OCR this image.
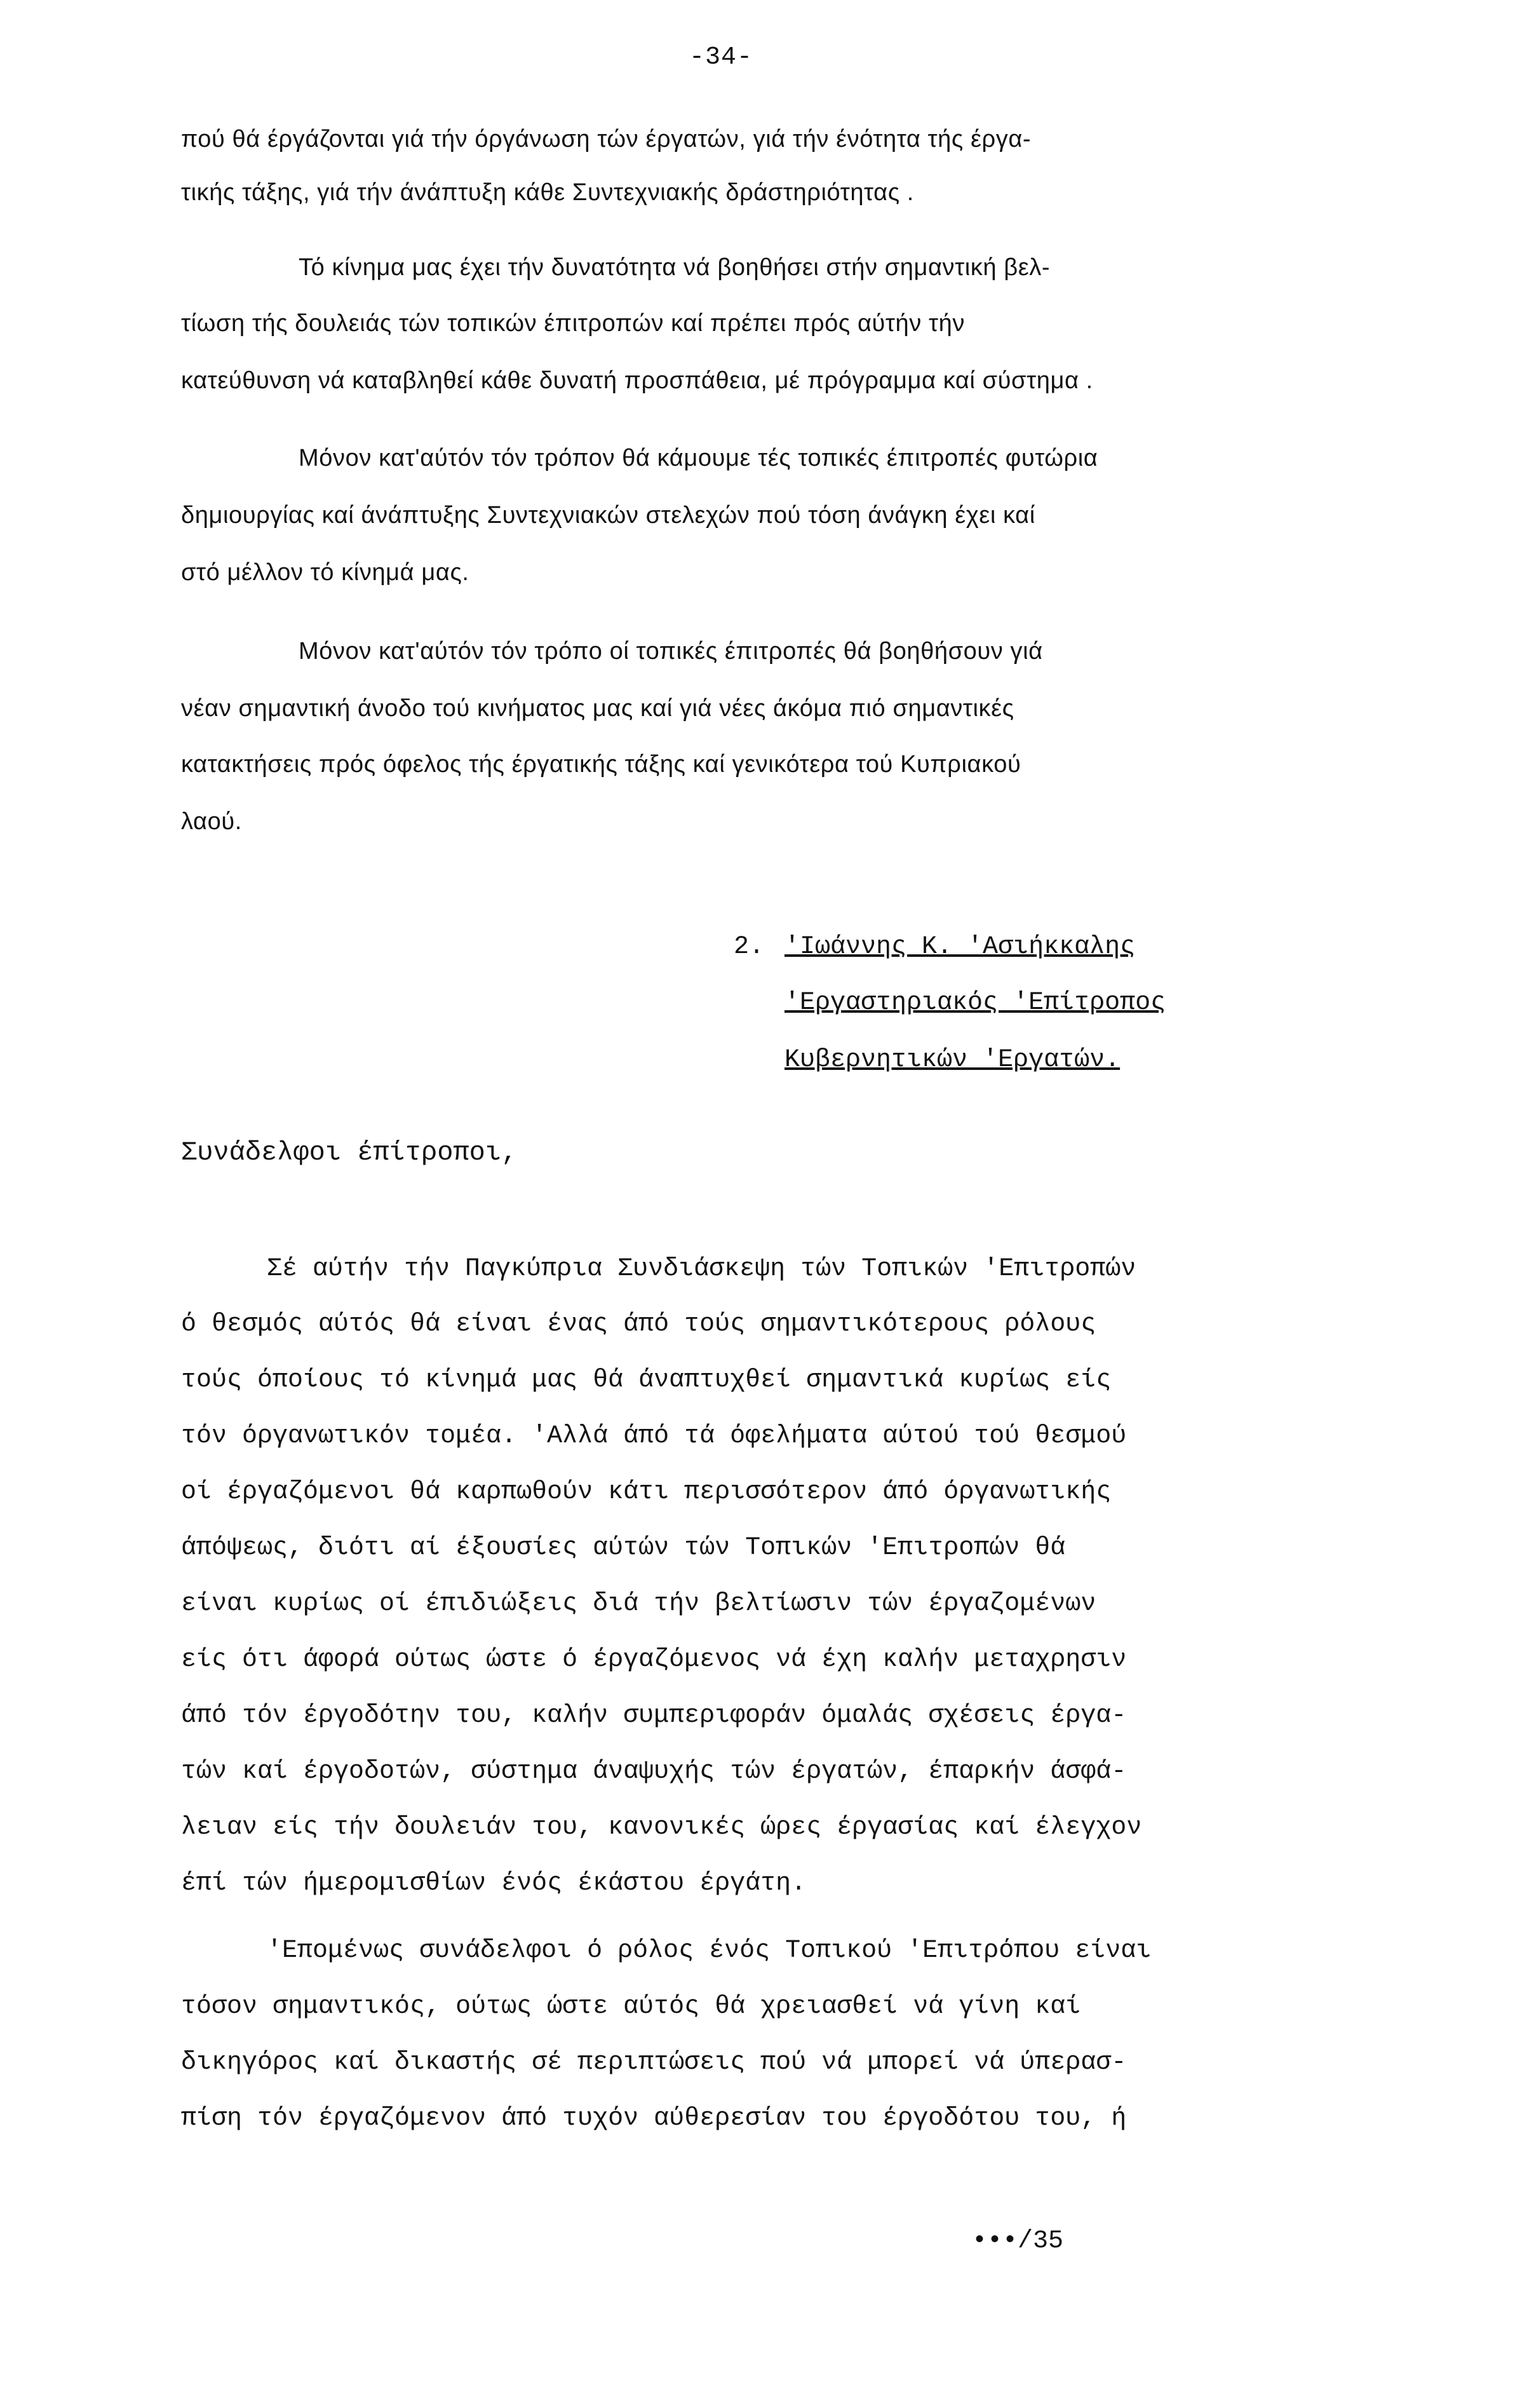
-34-
πού θά έργάζονται γιά τήν όργάνωση τών έργατών, γιά τήν ένότητα τής έργα-
τικής τάξης, γιά τήν άνάπτυξη κάθε Συντεχνιακής δράστηριότητας .
Τό κίνημα μας έχει τήν δυνατότητα νά βοηθήσει στήν σημαντική βελ-
τίωση τής δουλειάς τών τοπικών έπιτροπών καί πρέπει πρός αύτήν τήν
κατεύθυνση νά καταβληθεί κάθε δυνατή προσπάθεια, μέ πρόγραμμα καί σύστημα .
Μόνον κατ'αύτόν τόν τρόπον θά κάμουμε τές τοπικές έπιτροπές φυτώρια
δημιουργίας καί άνάπτυξης Συντεχνιακών στελεχών πού τόση άνάγκη έχει καί
στό μέλλον τό κίνημά μας.
Μόνον κατ'αύτόν τόν τρόπο οί τοπικές έπιτροπές θά βοηθήσουν γιά
νέαν σημαντική άνοδο τού κινήματος μας καί γιά νέες άκόμα πιό σημαντικές
κατακτήσεις πρός όφελος τής έργατικής τάξης καί γενικότερα τού Κυπριακού
λαού.
2. 'Ιωάννης Κ. 'Ασιήκκαλης
'Εργαστηριακός 'Επίτροπος
Κυβερνητικών 'Εργατών.
Συνάδελφοι έπίτροποι,
Σέ αύτήν τήν Παγκύπρια Συνδιάσκεψη τών Τοπικών 'Επιτροπών
ό θεσμός αύτός θά είναι ένας άπό τούς σημαντικότερους ρόλους
τούς όποίους τό κίνημά μας θά άναπτυχθεί σημαντικά κυρίως είς
τόν όργανωτικόν τομέα. 'Αλλά άπό τά όφελήματα αύτού τού θεσμού
οί έργαζόμενοι θά καρπωθούν κάτι περισσότερον άπό όργανωτικής
άπόψεως, διότι αί έξουσίες αύτών τών Τοπικών 'Επιτροπών θά
είναι κυρίως οί έπιδιώξεις διά τήν βελτίωσιν τών έργαζομένων
είς ότι άφορά ούτως ώστε ό έργαζόμενος νά έχη καλήν μεταχρησιν
άπό τόν έργοδότην του, καλήν συμπεριφοράν όμαλάς σχέσεις έργα-
τών καί έργοδοτών, σύστημα άναψυχής τών έργατών, έπαρκήν άσφά-
λειαν είς τήν δουλειάν του, κανονικές ώρες έργασίας καί έλεγχον
έπί τών ήμερομισθίων ένός έκάστου έργάτη.
'Επομένως συνάδελφοι ό ρόλος ένός Τοπικού 'Επιτρόπου είναι
τόσον σημαντικός, ούτως ώστε αύτός θά χρειασθεί νά γίνη καί
δικηγόρος καί δικαστής σέ περιπτώσεις πού νά μπορεί νά ύπερασ-
πίση τόν έργαζόμενον άπό τυχόν αύθερεσίαν του έργοδότου του, ή
•••/35
